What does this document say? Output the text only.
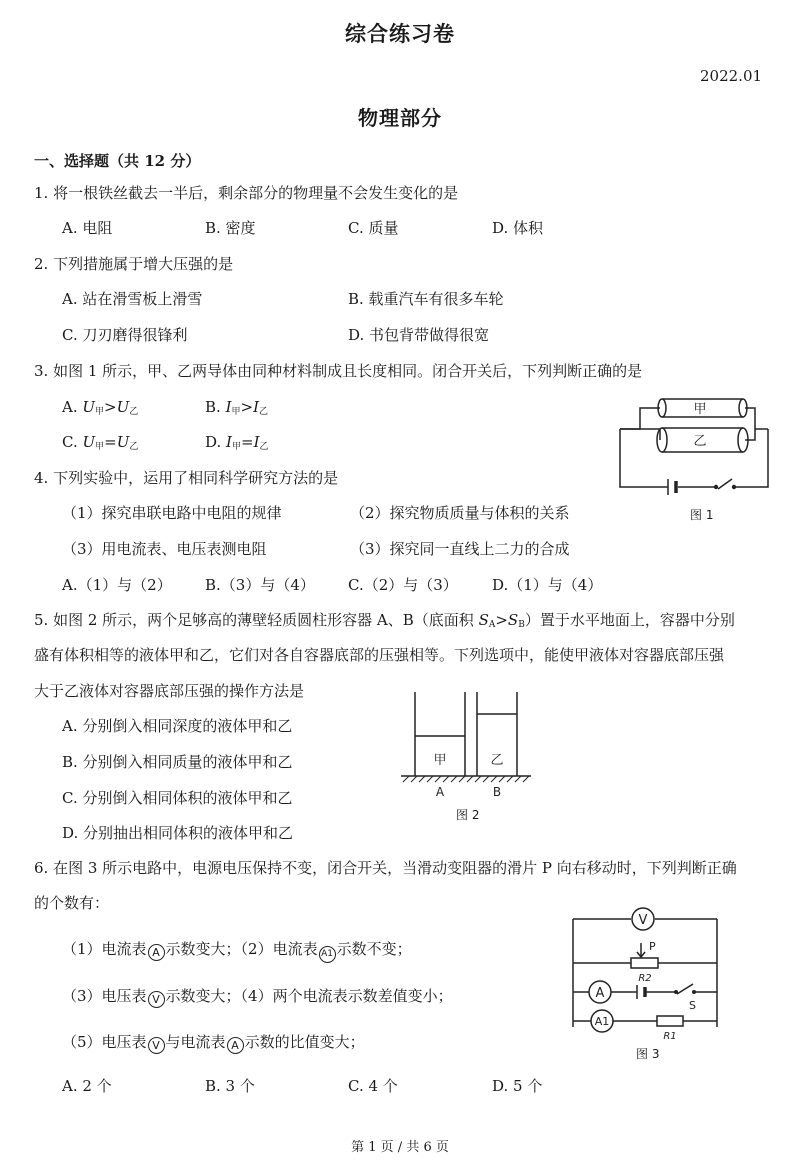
综合练习卷
2022.01
物理部分
一、选择题（共 12 分）
1. 将一根铁丝截去一半后，剩余部分的物理量不会发生变化的是
A. 电阻	B. 密度	C. 质量	D. 体积
2. 下列措施属于增大压强的是
A. 站在滑雪板上滑雪	B. 载重汽车有很多车轮
C. 刀刃磨得很锋利	D. 书包背带做得很宽
3. 如图 1 所示，甲、乙两导体由同种材料制成且长度相同。闭合开关后，下列判断正确的是
A. $U_甲>U_乙$	B. $I_甲>I_乙$
C. $U_甲=U_乙$	D. $I_甲=I_乙$
甲
乙
图 1
4. 下列实验中，运用了相同科学研究方法的是
（1）探究串联电路中电阻的规律	（2）探究物质质量与体积的关系
（3）用电流表、电压表测电阻	（3）探究同一直线上二力的合成
A.（1）与（2） B.（3）与（4） C.（2）与（3） D.（1）与（4）
5. 如图 2 所示，两个足够高的薄壁轻质圆柱形容器 A、B（底面积 $S_A>S_B$）置于水平地面上，容器中分别
盛有体积相等的液体甲和乙，它们对各自容器底部的压强相等。下列选项中，能使甲液体对容器底部压强
大于乙液体对容器底部压强的操作方法是
A. 分别倒入相同深度的液体甲和乙
B. 分别倒入相同质量的液体甲和乙
C. 分别倒入相同体积的液体甲和乙
D. 分别抽出相同体积的液体甲和乙
甲	乙
A	B
图 2
6. 在图 3 所示电路中，电源电压保持不变，闭合开关，当滑动变阻器的滑片 P 向右移动时，下列判断正确
的个数有：
（1）电流表 A 示数变大；（2）电流表 A1 示数不变；
（3）电压表 V 示数变大；（4）两个电流表示数差值变小；
（5）电压表 V 与电流表 A 示数的比值变大；
A. 2 个	B. 3 个	C. 4 个	D. 5 个
V
P
R2
A
S
A1
R1
图 3
第 1 页 / 共 6 页
